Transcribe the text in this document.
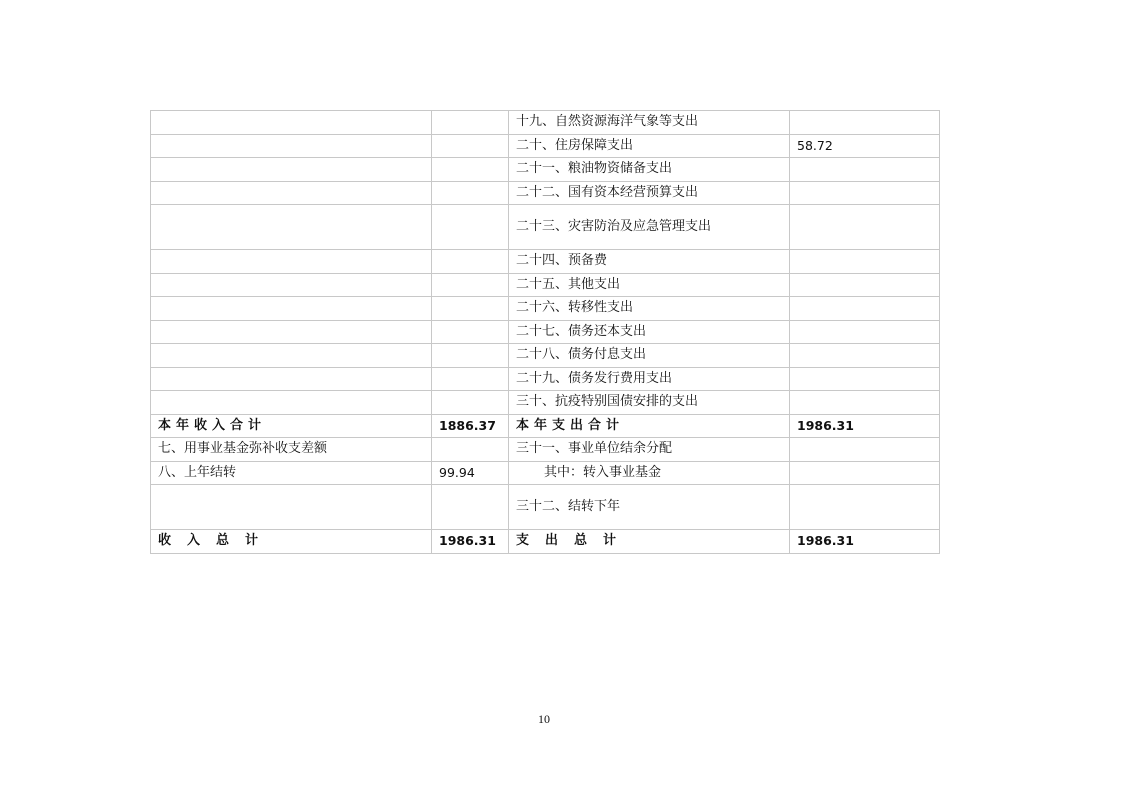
		十九、自然资源海洋气象等支出	
		二十、住房保障支出	58.72
		二十一、粮油物资储备支出	
		二十二、国有资本经营预算支出	
		二十三、灾害防治及应急管理支出	
		二十四、预备费	
		二十五、其他支出	
		二十六、转移性支出	
		二十七、债务还本支出	
		二十八、债务付息支出	
		二十九、债务发行费用支出	
		三十、抗疫特别国债安排的支出	
本年收入合计	1886.37	本年支出合计	1986.31
七、用事业基金弥补收支差额		三十一、事业单位结余分配	
八、上年结转	99.94	其中：转入事业基金	
		三十二、结转下年	
收入总计	1986.31	支出总计	1986.31
10
